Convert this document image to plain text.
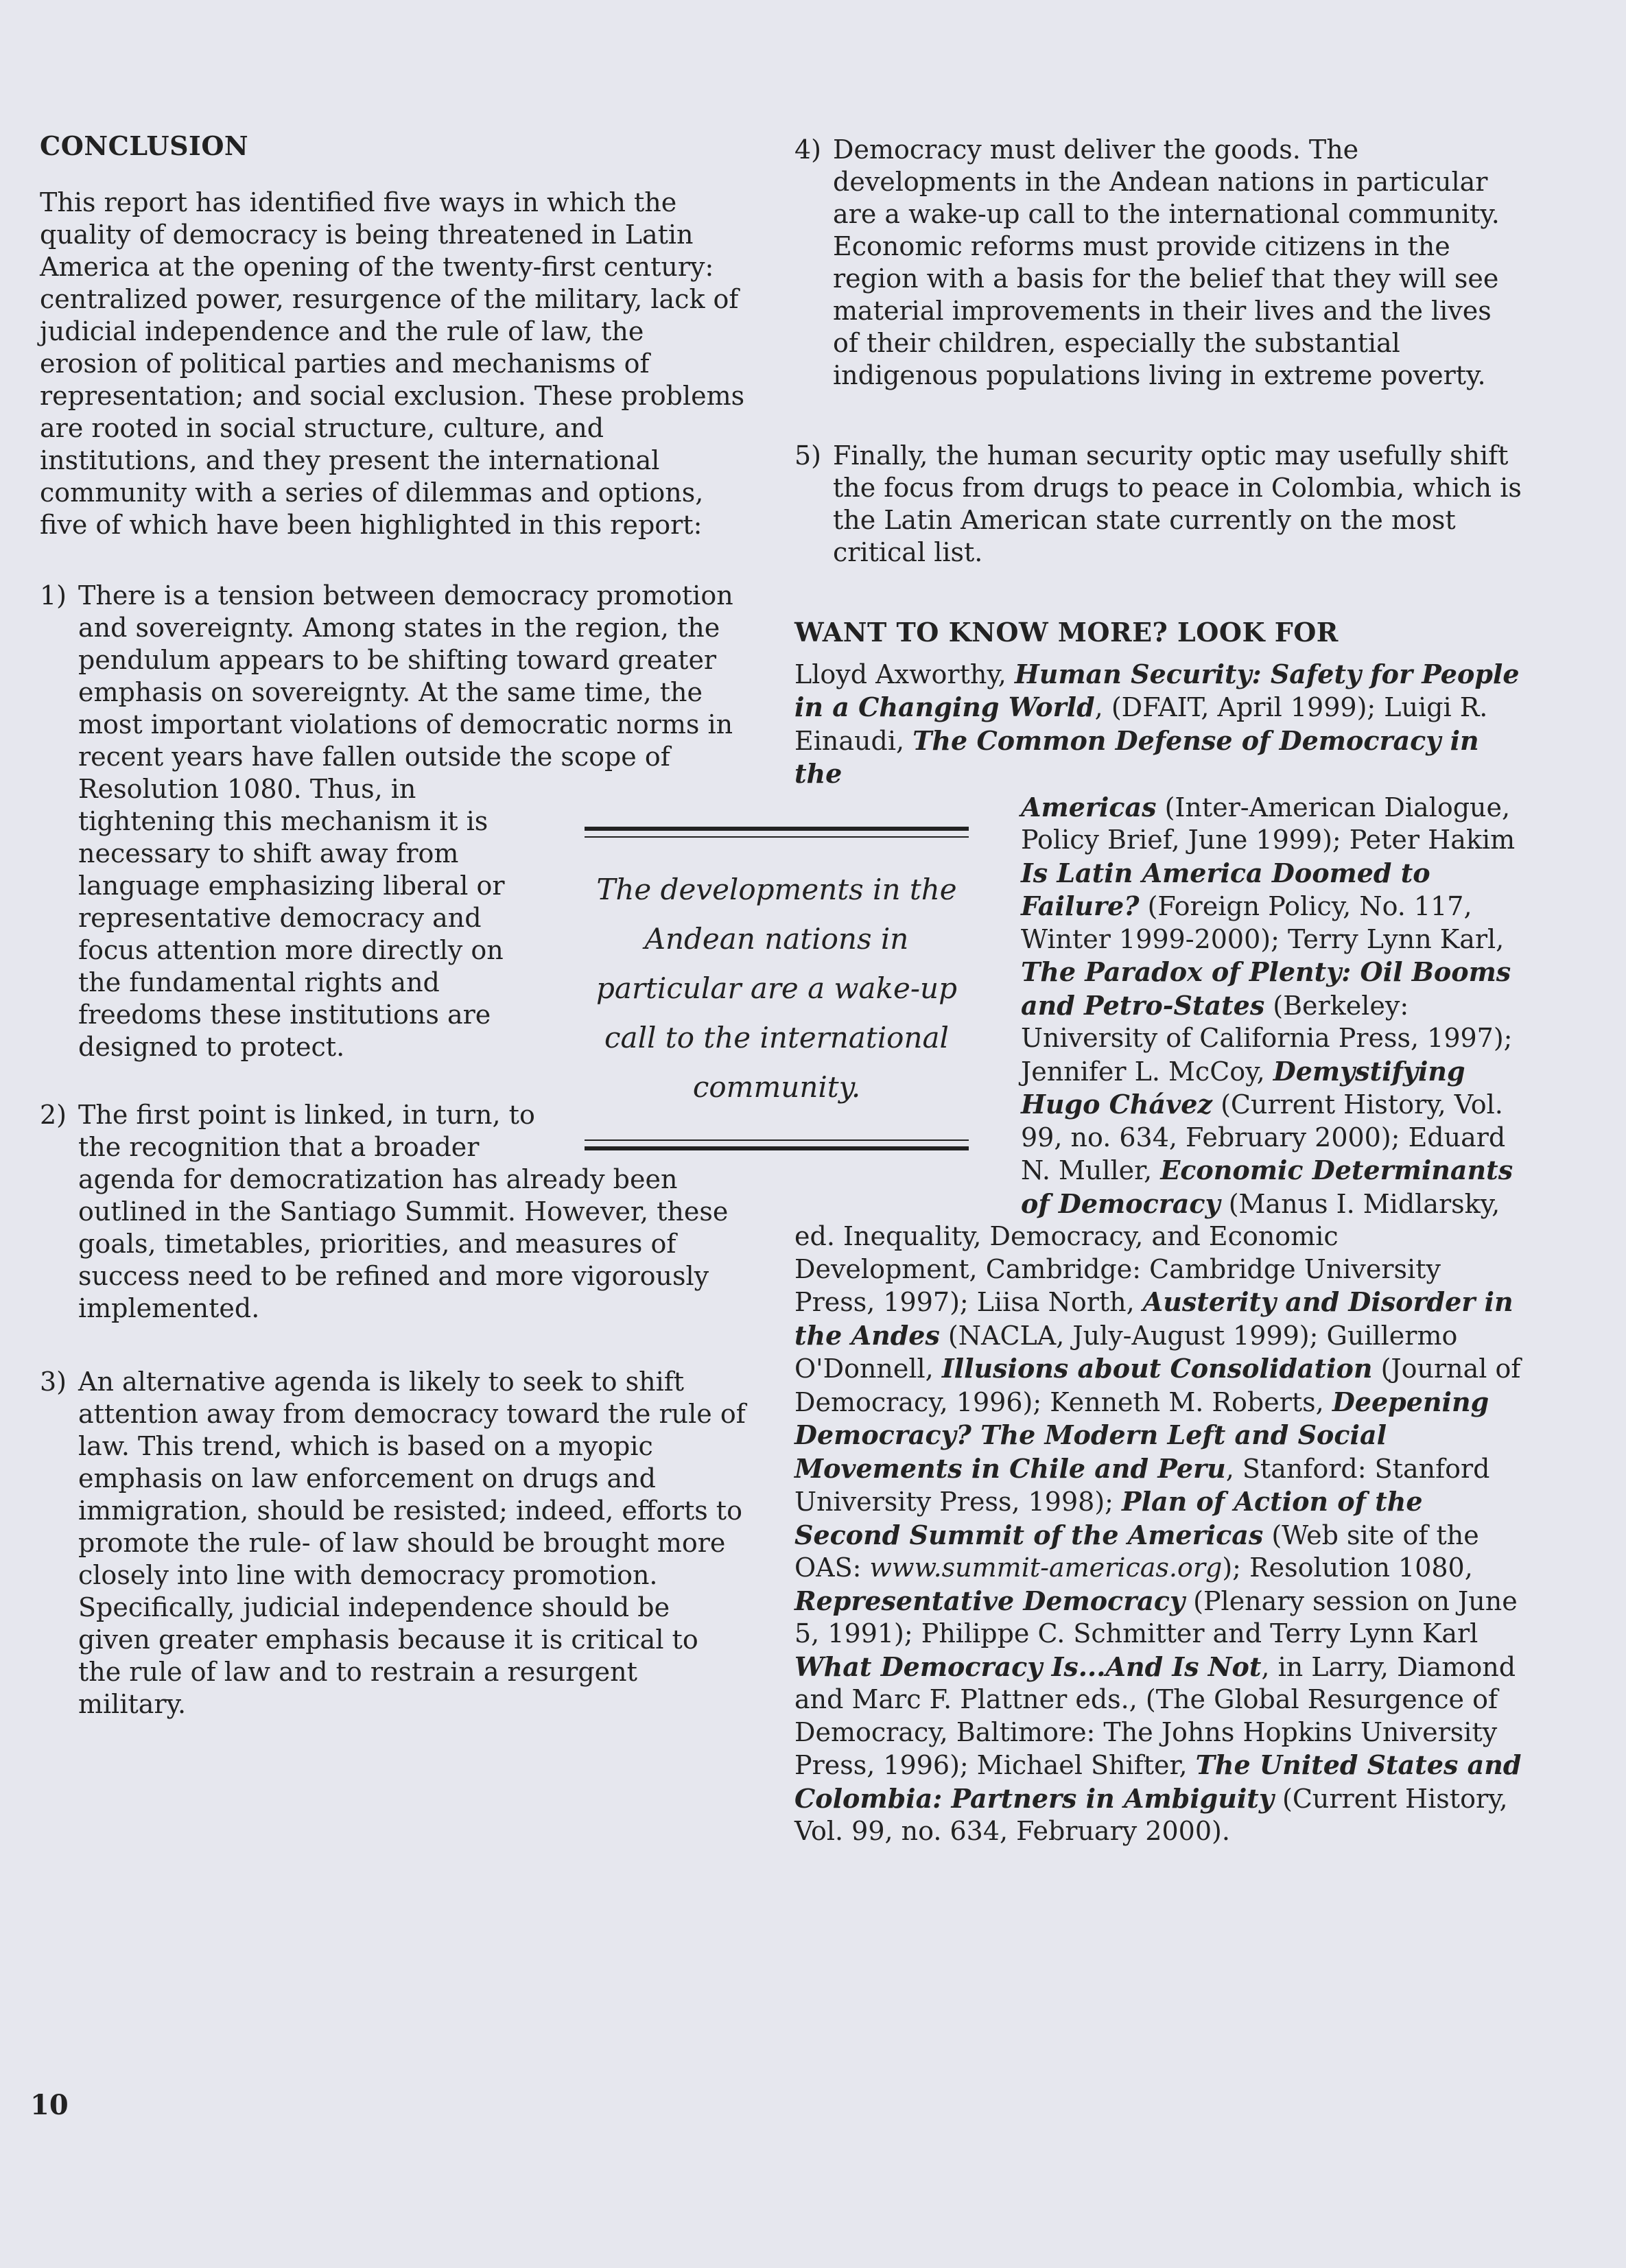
CONCLUSION
This report has identified five ways in which the quality of democracy is being threatened in Latin America at the opening of the twenty-first century: centralized power, resurgence of the military, lack of judicial independence and the rule of law, the erosion of political parties and mechanisms of representation; and social exclusion. These problems are rooted in social structure, culture, and institutions, and they present the international community with a series of dilemmas and options, five of which have been highlighted in this report:
1) There is a tension between democracy promotion and sovereignty. Among states in the region, the pendulum appears to be shifting toward greater emphasis on sovereignty. At the same time, the most important violations of democratic norms in recent years have fallen outside the scope of
Resolution 1080. Thus, in tightening this mechanism it is necessary to shift away from language emphasizing liberal or representative democracy and focus attention more directly on the fundamental rights and freedoms these institutions are designed to protect.
2) The first point is linked, in turn, to the recognition that a broader
agenda for democratization has already been outlined in the Santiago Summit. However, these goals, timetables, priorities, and measures of success need to be refined and more vigorously implemented.
3) An alternative agenda is likely to seek to shift attention away from democracy toward the rule of law. This trend, which is based on a myopic emphasis on law enforcement on drugs and immigration, should be resisted; indeed, efforts to promote the rule- of law should be brought more closely into line with democracy promotion. Specifically, judicial independence should be given greater emphasis because it is critical to the rule of law and to restrain a resurgent military.
The developments in the Andean nations in particular are a wake-up call to the international community.
4) Democracy must deliver the goods. The developments in the Andean nations in particular are a wake-up call to the international community. Economic reforms must provide citizens in the region with a basis for the belief that they will see material improvements in their lives and the lives of their children, especially the substantial indigenous populations living in extreme poverty.
5) Finally, the human security optic may usefully shift the focus from drugs to peace in Colombia, which is the Latin American state currently on the most critical list.
WANT TO KNOW MORE? LOOK FOR
Lloyd Axworthy, Human Security: Safety for People in a Changing World, (DFAIT, April 1999); Luigi R. Einaudi, The Common Defense of Democracy in the
Americas (Inter-American Dialogue, Policy Brief, June 1999); Peter Hakim Is Latin America Doomed to Failure? (Foreign Policy, No. 117, Winter 1999-2000); Terry Lynn Karl, The Paradox of Plenty: Oil Booms and Petro-States (Berkeley: University of California Press, 1997); Jennifer L. McCoy, Demystifying Hugo Chávez (Current History, Vol. 99, no. 634, February 2000); Eduard N. Muller, Economic Determinants of Democracy (Manus I. Midlarsky,
ed. Inequality, Democracy, and Economic Development, Cambridge: Cambridge University Press, 1997); Liisa North, Austerity and Disorder in the Andes (NACLA, July-August 1999); Guillermo O'Donnell, Illusions about Consolidation (Journal of Democracy, 1996); Kenneth M. Roberts, Deepening Democracy? The Modern Left and Social Movements in Chile and Peru, Stanford: Stanford University Press, 1998); Plan of Action of the Second Summit of the Americas (Web site of the OAS: www.summit-americas.org); Resolution 1080, Representative Democracy (Plenary session on June 5, 1991); Philippe C. Schmitter and Terry Lynn Karl What Democracy Is...And Is Not, in Larry, Diamond and Marc F. Plattner eds., (The Global Resurgence of Democracy, Baltimore: The Johns Hopkins University Press, 1996); Michael Shifter, The United States and Colombia: Partners in Ambiguity (Current History, Vol. 99, no. 634, February 2000).
10
